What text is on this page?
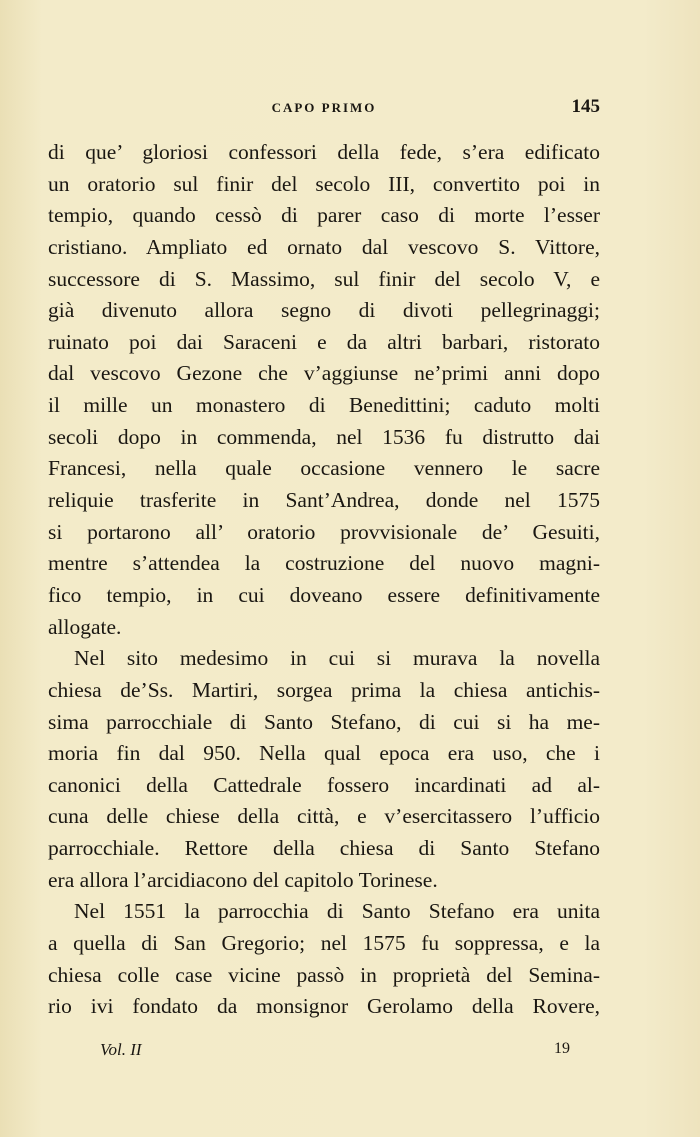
CAPO PRIMO	145
di que’ gloriosi confessori della fede, s’era edificato
un oratorio sul finir del secolo III, convertito poi in
tempio, quando cessò di parer caso di morte l’esser
cristiano. Ampliato ed ornato dal vescovo S. Vittore,
successore di S. Massimo, sul finir del secolo V, e
già divenuto allora segno di divoti pellegrinaggi;
ruinato poi dai Saraceni e da altri barbari, ristorato
dal vescovo Gezone che v’aggiunse ne’primi anni dopo
il mille un monastero di Benedittini; caduto molti
secoli dopo in commenda, nel 1536 fu distrutto dai
Francesi, nella quale occasione vennero le sacre
reliquie trasferite in Sant’Andrea, donde nel 1575
si portarono all’ oratorio provvisionale de’ Gesuiti,
mentre s’attendea la costruzione del nuovo magni-
fico tempio, in cui doveano essere definitivamente
allogate.
Nel sito medesimo in cui si murava la novella
chiesa de’Ss. Martiri, sorgea prima la chiesa antichis-
sima parrocchiale di Santo Stefano, di cui si ha me-
moria fin dal 950. Nella qual epoca era uso, che i
canonici della Cattedrale fossero incardinati ad al-
cuna delle chiese della città, e v’esercitassero l’ufficio
parrocchiale. Rettore della chiesa di Santo Stefano
era allora l’arcidiacono del capitolo Torinese.
Nel 1551 la parrocchia di Santo Stefano era unita
a quella di San Gregorio; nel 1575 fu soppressa, e la
chiesa colle case vicine passò in proprietà del Semina-
rio ivi fondato da monsignor Gerolamo della Rovere,
Vol. II	19
